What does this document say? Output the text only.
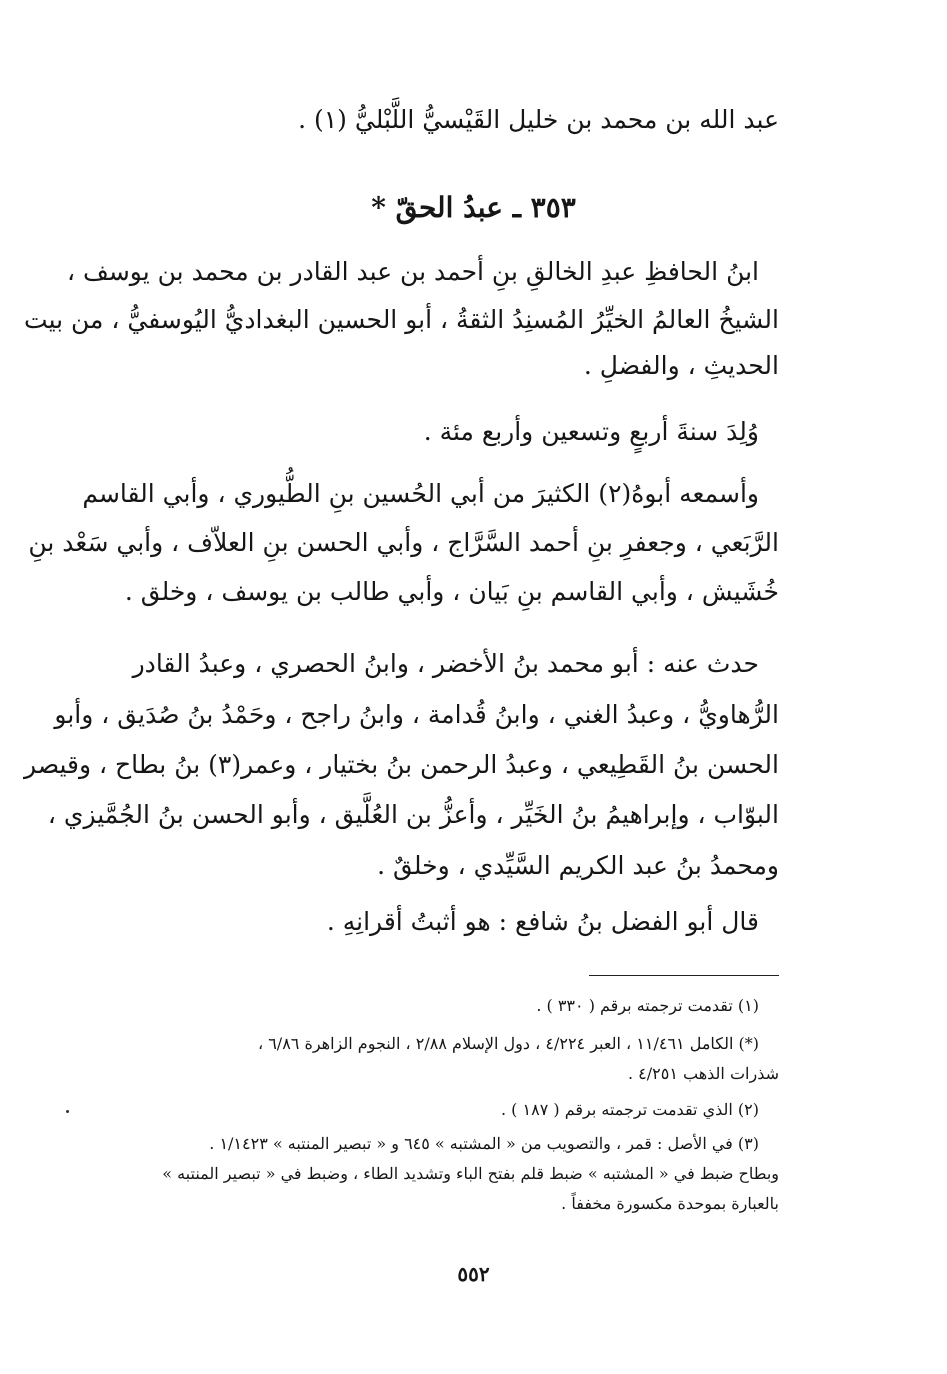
عبد الله بن محمد بن خليل القَيْسيُّ اللَّبْليُّ (١) .
٣٥٣ ـ عبدُ الحقّ *
ابنُ الحافظِ عبدِ الخالقِ بنِ أحمد بن عبد القادر بن محمد بن يوسف ،
الشيخُ العالمُ الخيِّرُ المُسنِدُ الثقةُ ، أبو الحسين البغداديُّ اليُوسفيُّ ، من بيت
الحديثِ ، والفضلِ .
وُلِدَ سنةَ أربعٍ وتسعين وأربع مئة .
وأسمعه أبوهُ(٢) الكثيرَ من أبي الحُسين بنِ الطُّيوري ، وأبي القاسم
الرَّبَعي ، وجعفرِ بنِ أحمد السَّرَّاج ، وأبي الحسن بنِ العلاّف ، وأبي سَعْد بنِ
خُشَيش ، وأبي القاسم بنِ بَيان ، وأبي طالب بن يوسف ، وخلق .
حدث عنه : أبو محمد بنُ الأخضر ، وابنُ الحصري ، وعبدُ القادر
الرُّهاويُّ ، وعبدُ الغني ، وابنُ قُدامة ، وابنُ راجح ، وحَمْدُ بنُ صُدَيق ، وأبو
الحسن بنُ القَطِيعي ، وعبدُ الرحمن بنُ بختيار ، وعمر(٣) بنُ بطاح ، وقيصر
البوّاب ، وإبراهيمُ بنُ الخَيِّر ، وأعزُّ بن العُلَّيق ، وأبو الحسن بنُ الجُمَّيزي ،
ومحمدُ بنُ عبد الكريم السَّيِّدي ، وخلقٌ .
قال أبو الفضل بنُ شافع : هو أثبتُ أقرانِهِ .
(١) تقدمت ترجمته برقم ( ٣٣٠ ) .
(*) الكامل ١١/٤٦١ ، العبر ٤/٢٢٤ ، دول الإسلام ٢/٨٨ ، النجوم الزاهرة ٦/٨٦ ،
شذرات الذهب ٤/٢٥١ .
(٢) الذي تقدمت ترجمته برقم ( ١٨٧ ) .
(٣) في الأصل : قمر ، والتصويب من « المشتبه » ٦٤٥ و « تبصير المنتبه » ١/١٤٢٣ .
وبطاح ضبط في « المشتبه » ضبط قلم بفتح الباء وتشديد الطاء ، وضبط في « تبصير المنتبه »
بالعبارة بموحدة مكسورة مخففاً .
٥٥٢
